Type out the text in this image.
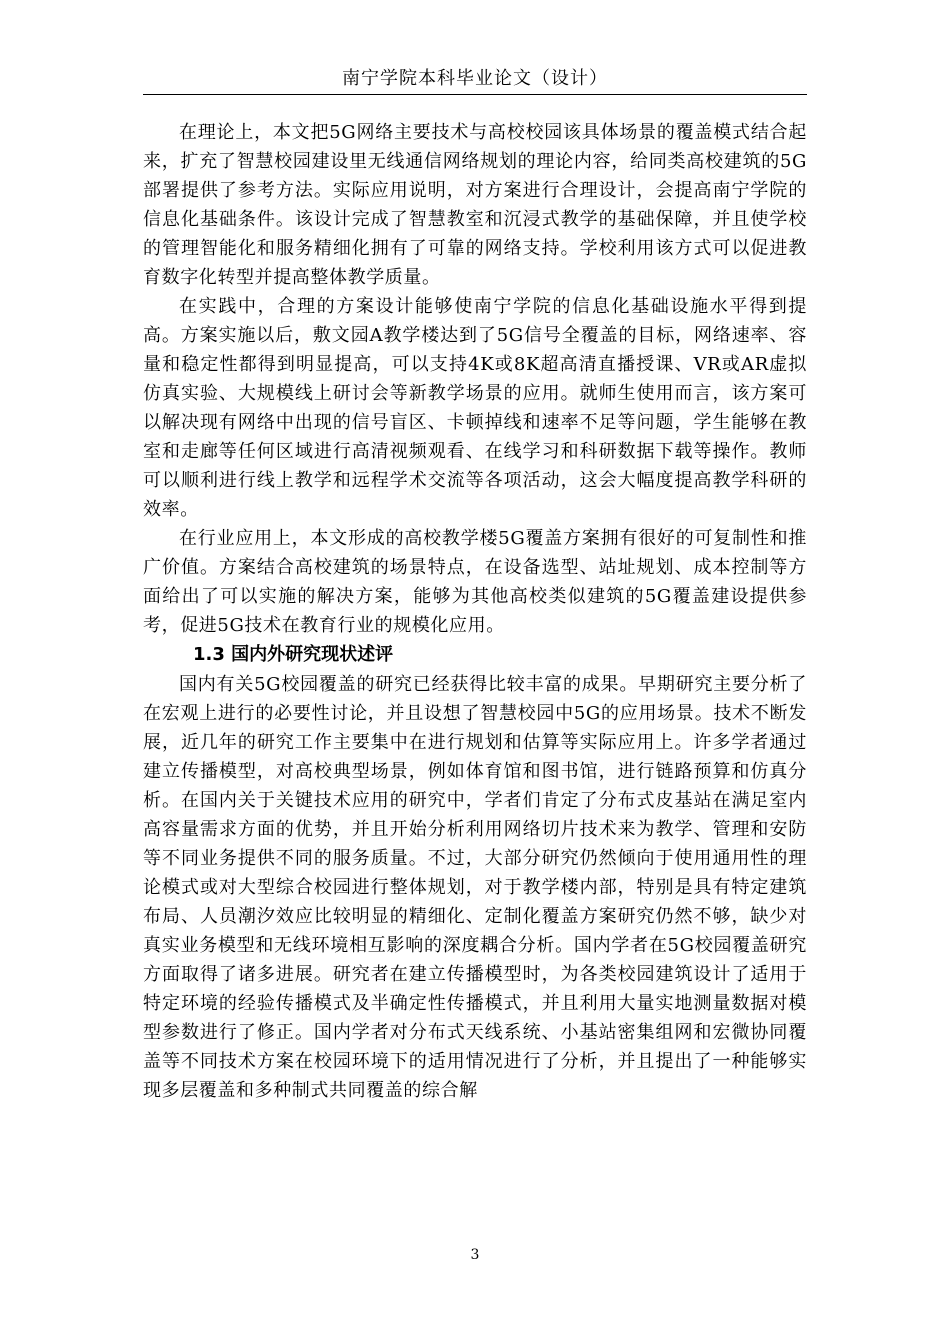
南宁学院本科毕业论文（设计）

在理论上，本文把5G网络主要技术与高校校园该具体场景的覆盖模式结合起来，扩充了智慧校园建设里无线通信网络规划的理论内容，给同类高校建筑的5G部署提供了参考方法。实际应用说明，对方案进行合理设计，会提高南宁学院的信息化基础条件。该设计完成了智慧教室和沉浸式教学的基础保障，并且使学校的管理智能化和服务精细化拥有了可靠的网络支持。学校利用该方式可以促进教育数字化转型并提高整体教学质量。

在实践中，合理的方案设计能够使南宁学院的信息化基础设施水平得到提高。方案实施以后，敷文园A教学楼达到了5G信号全覆盖的目标，网络速率、容量和稳定性都得到明显提高，可以支持4K或8K超高清直播授课、VR或AR虚拟仿真实验、大规模线上研讨会等新教学场景的应用。就师生使用而言，该方案可以解决现有网络中出现的信号盲区、卡顿掉线和速率不足等问题，学生能够在教室和走廊等任何区域进行高清视频观看、在线学习和科研数据下载等操作。教师可以顺利进行线上教学和远程学术交流等各项活动，这会大幅度提高教学科研的效率。

在行业应用上，本文形成的高校教学楼5G覆盖方案拥有很好的可复制性和推广价值。方案结合高校建筑的场景特点，在设备选型、站址规划、成本控制等方面给出了可以实施的解决方案，能够为其他高校类似建筑的5G覆盖建设提供参考，促进5G技术在教育行业的规模化应用。

1.3 国内外研究现状述评

国内有关5G校园覆盖的研究已经获得比较丰富的成果。早期研究主要分析了在宏观上进行的必要性讨论，并且设想了智慧校园中5G的应用场景。技术不断发展，近几年的研究工作主要集中在进行规划和估算等实际应用上。许多学者通过建立传播模型，对高校典型场景，例如体育馆和图书馆，进行链路预算和仿真分析。在国内关于关键技术应用的研究中，学者们肯定了分布式皮基站在满足室内高容量需求方面的优势，并且开始分析利用网络切片技术来为教学、管理和安防等不同业务提供不同的服务质量。不过，大部分研究仍然倾向于使用通用性的理论模式或对大型综合校园进行整体规划，对于教学楼内部，特别是具有特定建筑布局、人员潮汐效应比较明显的精细化、定制化覆盖方案研究仍然不够，缺少对真实业务模型和无线环境相互影响的深度耦合分析。国内学者在5G校园覆盖研究方面取得了诸多进展。研究者在建立传播模型时，为各类校园建筑设计了适用于特定环境的经验传播模式及半确定性传播模式，并且利用大量实地测量数据对模型参数进行了修正。国内学者对分布式天线系统、小基站密集组网和宏微协同覆盖等不同技术方案在校园环境下的适用情况进行了分析，并且提出了一种能够实现多层覆盖和多种制式共同覆盖的综合解

3
